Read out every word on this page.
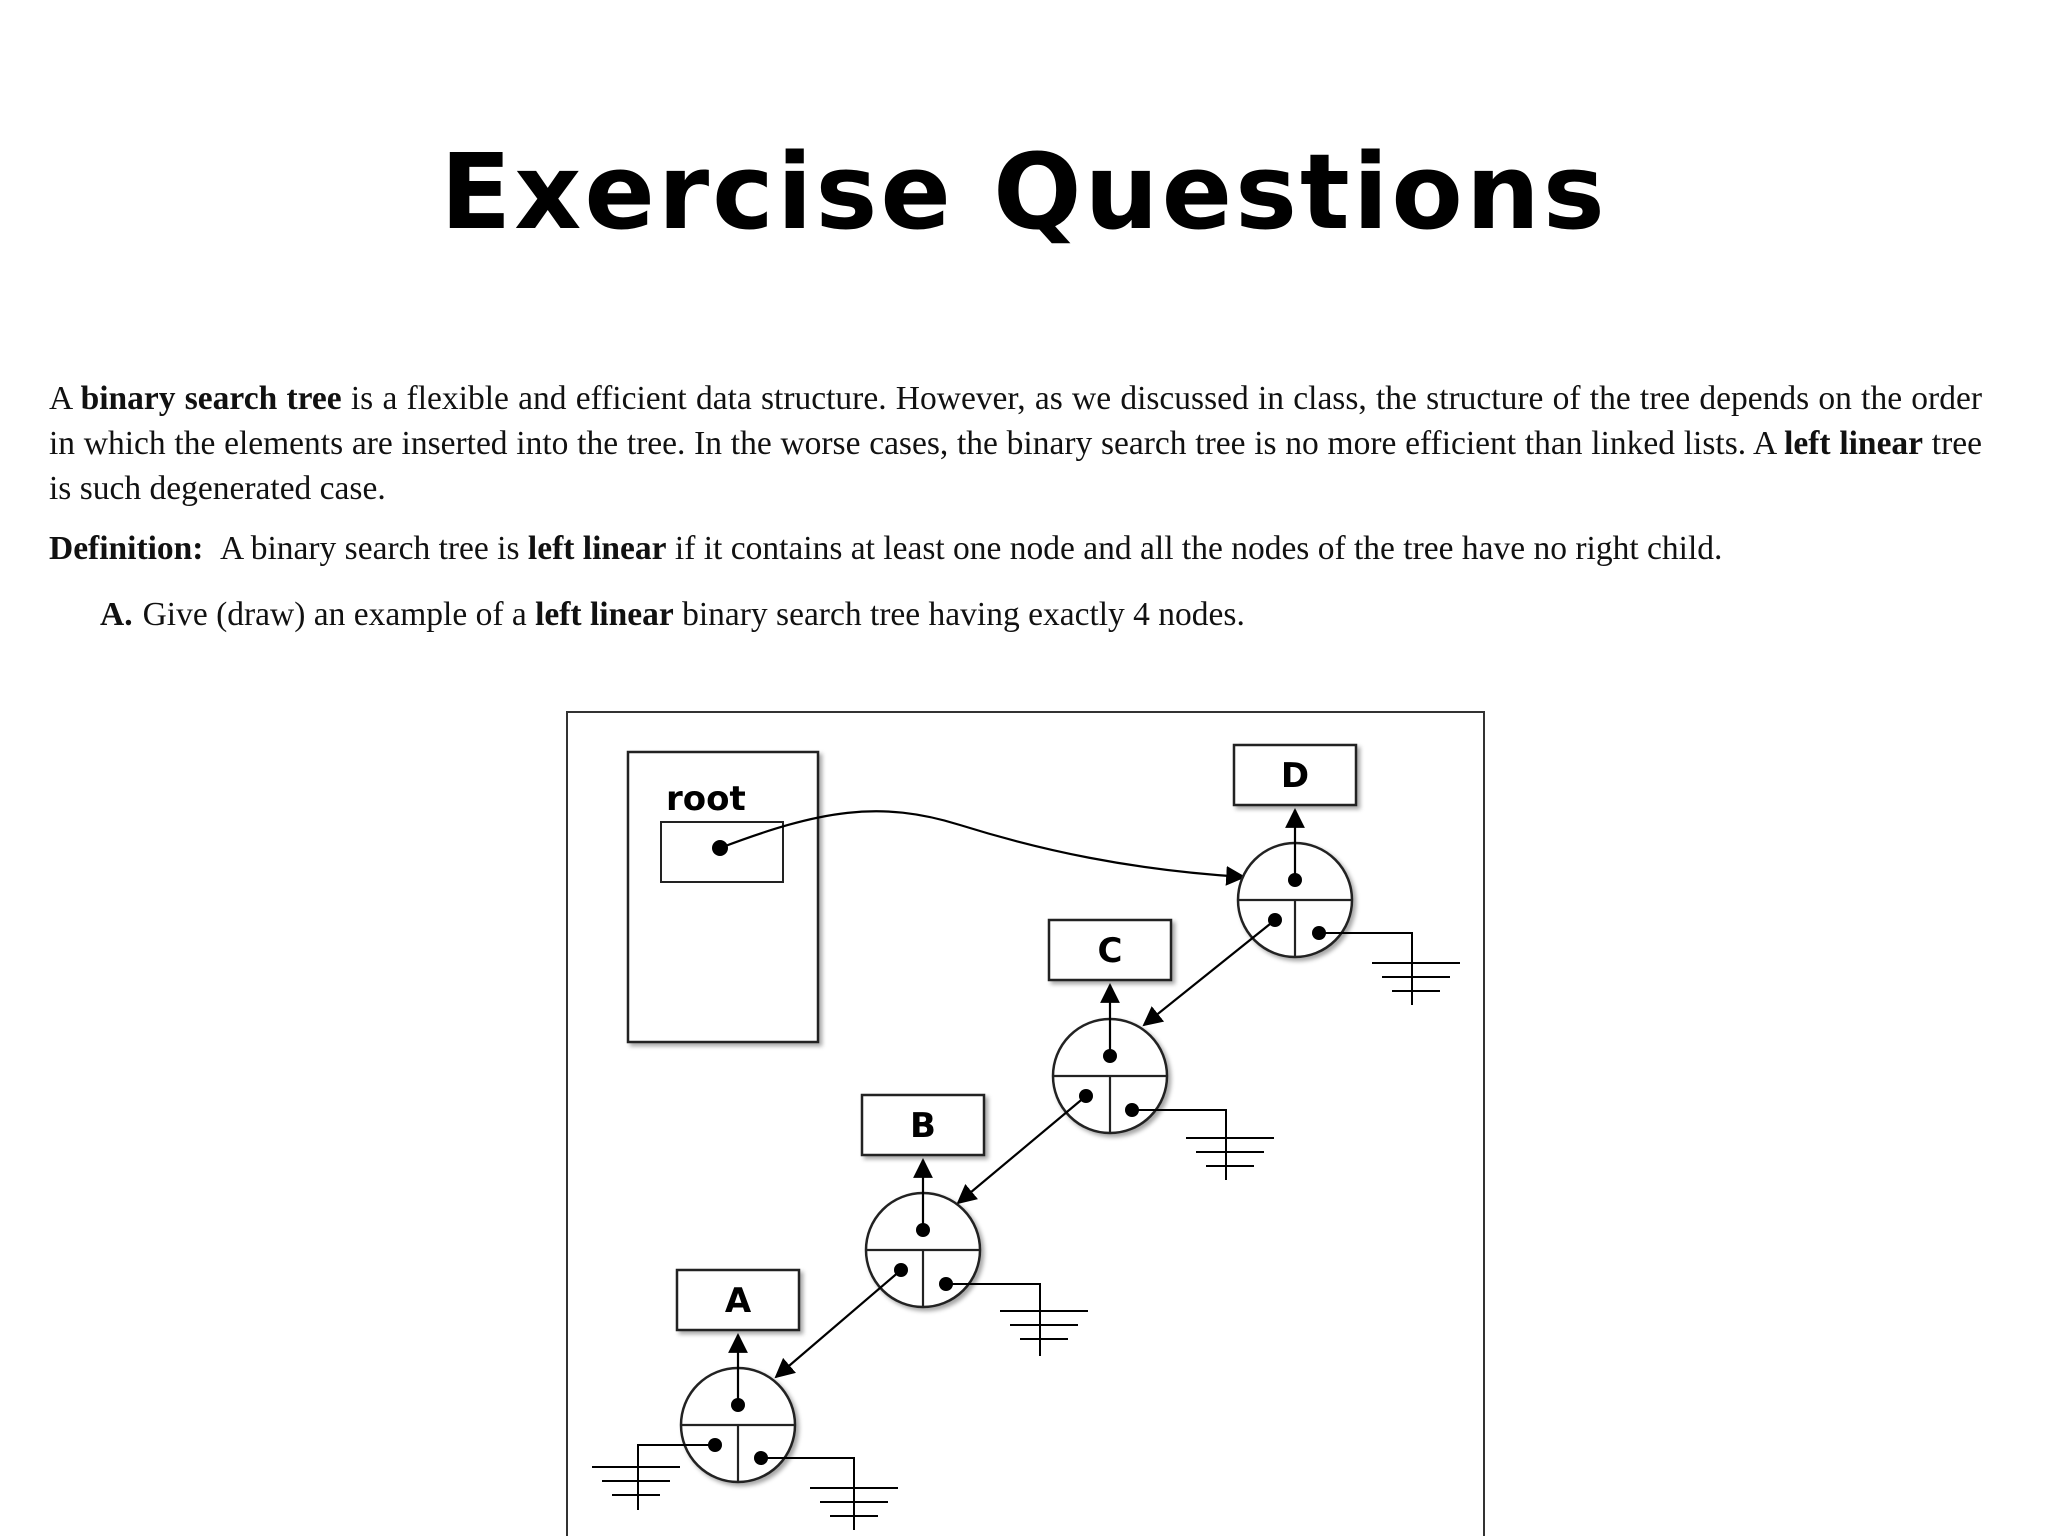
Exercise Questions

A binary search tree is a flexible and efficient data structure. However, as we discussed in class, the structure of the tree depends on the order in which the elements are inserted into the tree. In the worse cases, the binary search tree is no more efficient than linked lists. A left linear tree is such degenerated case.

Definition: A binary search tree is left linear if it contains at least one node and all the nodes of the tree have no right child.

A. Give (draw) an example of a left linear binary search tree having exactly 4 nodes.

root
D
C
B
A
